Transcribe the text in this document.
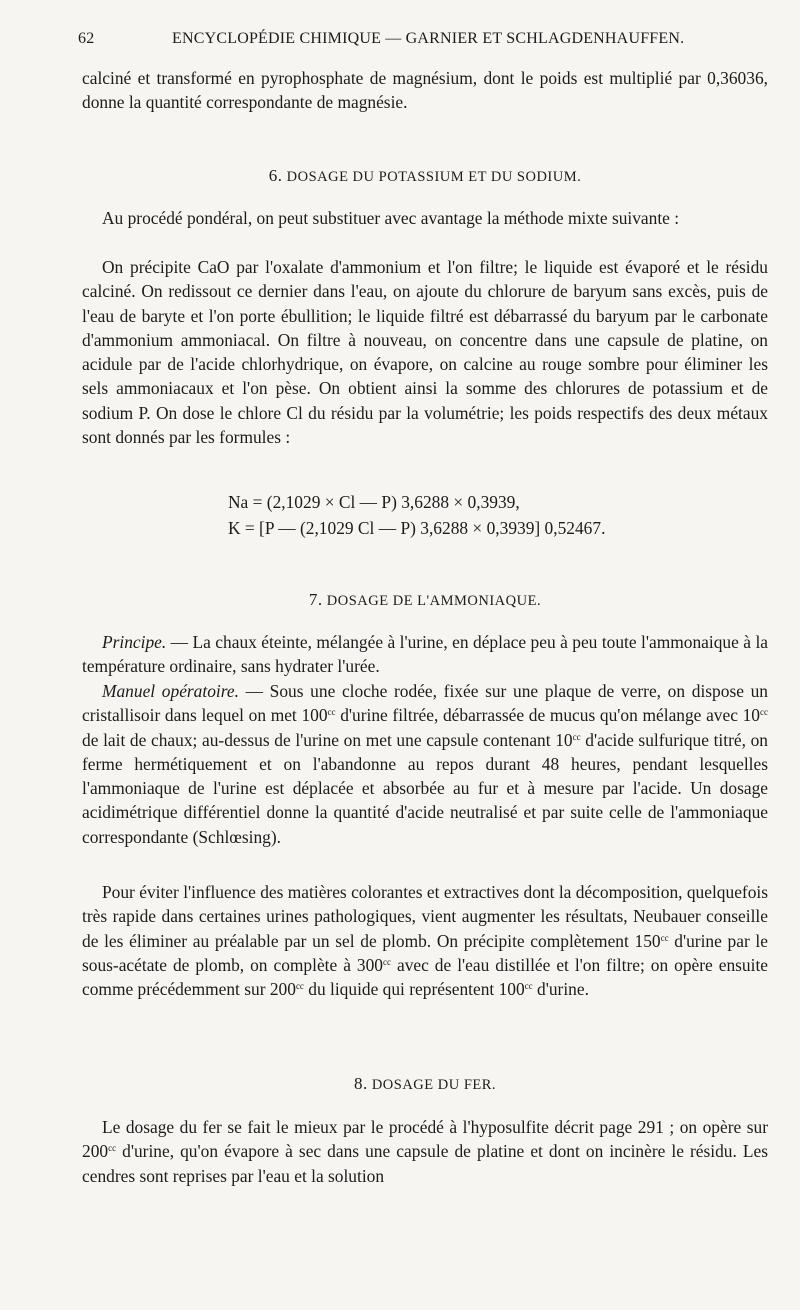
62	ENCYCLOPÉDIE CHIMIQUE — GARNIER ET SCHLAGDENHAUFFEN.

calciné et transformé en pyrophosphate de magnésium, dont le poids est multiplié par 0,36036, donne la quantité correspondante de magnésie.

6. DOSAGE DU POTASSIUM ET DU SODIUM.

Au procédé pondéral, on peut substituer avec avantage la méthode mixte suivante :

On précipite CaO par l'oxalate d'ammonium et l'on filtre; le liquide est évaporé et le résidu calciné. On redissout ce dernier dans l'eau, on ajoute du chlorure de baryum sans excès, puis de l'eau de baryte et l'on porte ébullition; le liquide filtré est débarrassé du baryum par le carbonate d'ammonium ammoniacal. On filtre à nouveau, on concentre dans une capsule de platine, on acidule par de l'acide chlorhydrique, on évapore, on calcine au rouge sombre pour éliminer les sels ammoniacaux et l'on pèse. On obtient ainsi la somme des chlorures de potassium et de sodium P. On dose le chlore Cl du résidu par la volumétrie; les poids respectifs des deux métaux sont donnés par les formules :

Na = (2,1029 × Cl — P) 3,6288 × 0,3939,

K = [P — (2,1029 Cl — P) 3,6288 × 0,3939] 0,52467.

7. DOSAGE DE L'AMMONIAQUE.

Principe. — La chaux éteinte, mélangée à l'urine, en déplace peu à peu toute l'ammonaique à la température ordinaire, sans hydrater l'urée.

Manuel opératoire. — Sous une cloche rodée, fixée sur une plaque de verre, on dispose un cristallisoir dans lequel on met $100^{cc}$ d'urine filtrée, débarrassée de mucus qu'on mélange avec $10^{cc}$ de lait de chaux; au-dessus de l'urine on met une capsule contenant $10^{cc}$ d'acide sulfurique titré, on ferme hermétiquement et on l'abandonne au repos durant 48 heures, pendant lesquelles l'ammoniaque de l'urine est déplacée et absorbée au fur et à mesure par l'acide. Un dosage acidimétrique différentiel donne la quantité d'acide neutralisé et par suite celle de l'ammoniaque correspondante (Schlœsing).

Pour éviter l'influence des matières colorantes et extractives dont la décomposition, quelquefois très rapide dans certaines urines pathologiques, vient augmenter les résultats, Neubauer conseille de les éliminer au préalable par un sel de plomb. On précipite complètement $150^{cc}$ d'urine par le sous-acétate de plomb, on complète à $300^{cc}$ avec de l'eau distillée et l'on filtre; on opère ensuite comme précédemment sur $200^{cc}$ du liquide qui représentent $100^{cc}$ d'urine.

8. DOSAGE DU FER.

Le dosage du fer se fait le mieux par le procédé à l'hyposulfite décrit page 291 ; on opère sur $200^{cc}$ d'urine, qu'on évapore à sec dans une capsule de platine et dont on incinère le résidu. Les cendres sont reprises par l'eau et la solution
